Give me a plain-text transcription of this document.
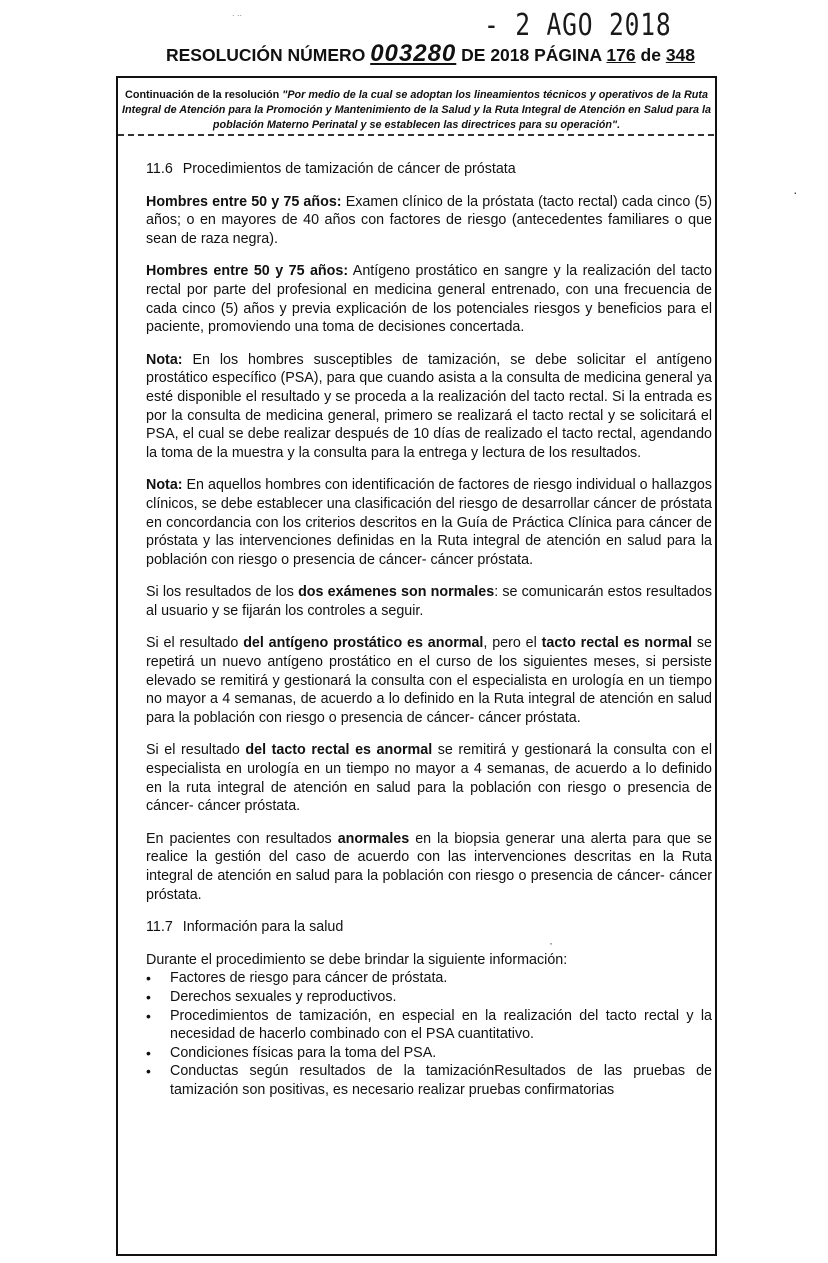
- 2 AGO 2018
RESOLUCIÓN NÚMERO 003280 DE 2018 PÁGINA 176 de 348
Continuación de la resolución "Por medio de la cual se adoptan los lineamientos técnicos y operativos de la Ruta Integral de Atención para la Promoción y Mantenimiento de la Salud y la Ruta Integral de Atención en Salud para la población Materno Perinatal y se establecen las directrices para su operación".

11.6 Procedimientos de tamización de cáncer de próstata

Hombres entre 50 y 75 años: Examen clínico de la próstata (tacto rectal) cada cinco (5) años; o en mayores de 40 años con factores de riesgo (antecedentes familiares o que sean de raza negra).

Hombres entre 50 y 75 años: Antígeno prostático en sangre y la realización del tacto rectal por parte del profesional en medicina general entrenado, con una frecuencia de cada cinco (5) años y previa explicación de los potenciales riesgos y beneficios para el paciente, promoviendo una toma de decisiones concertada.

Nota: En los hombres susceptibles de tamización, se debe solicitar el antígeno prostático específico (PSA), para que cuando asista a la consulta de medicina general ya esté disponible el resultado y se proceda a la realización del tacto rectal. Si la entrada es por la consulta de medicina general, primero se realizará el tacto rectal y se solicitará el PSA, el cual se debe realizar después de 10 días de realizado el tacto rectal, agendando la toma de la muestra y la consulta para la entrega y lectura de los resultados.

Nota: En aquellos hombres con identificación de factores de riesgo individual o hallazgos clínicos, se debe establecer una clasificación del riesgo de desarrollar cáncer de próstata en concordancia con los criterios descritos en la Guía de Práctica Clínica para cáncer de próstata y las intervenciones definidas en la Ruta integral de atención en salud para la población con riesgo o presencia de cáncer- cáncer próstata.

Si los resultados de los dos exámenes son normales: se comunicarán estos resultados al usuario y se fijarán los controles a seguir.

Si el resultado del antígeno prostático es anormal, pero el tacto rectal es normal se repetirá un nuevo antígeno prostático en el curso de los siguientes meses, si persiste elevado se remitirá y gestionará la consulta con el especialista en urología en un tiempo no mayor a 4 semanas, de acuerdo a lo definido en la Ruta integral de atención en salud para la población con riesgo o presencia de cáncer- cáncer próstata.

Si el resultado del tacto rectal es anormal se remitirá y gestionará la consulta con el especialista en urología en un tiempo no mayor a 4 semanas, de acuerdo a lo definido en la ruta integral de atención en salud para la población con riesgo o presencia de cáncer- cáncer próstata.

En pacientes con resultados anormales en la biopsia generar una alerta para que se realice la gestión del caso de acuerdo con las intervenciones descritas en la Ruta integral de atención en salud para la población con riesgo o presencia de cáncer- cáncer próstata.

11.7 Información para la salud

Durante el procedimiento se debe brindar la siguiente información:

• Factores de riesgo para cáncer de próstata.
• Derechos sexuales y reproductivos.
• Procedimientos de tamización, en especial en la realización del tacto rectal y la necesidad de hacerlo combinado con el PSA cuantitativo.
• Condiciones físicas para la toma del PSA.
• Conductas según resultados de la tamizaciónResultados de las pruebas de tamización son positivas, es necesario realizar pruebas confirmatorias
. ..
·
·
